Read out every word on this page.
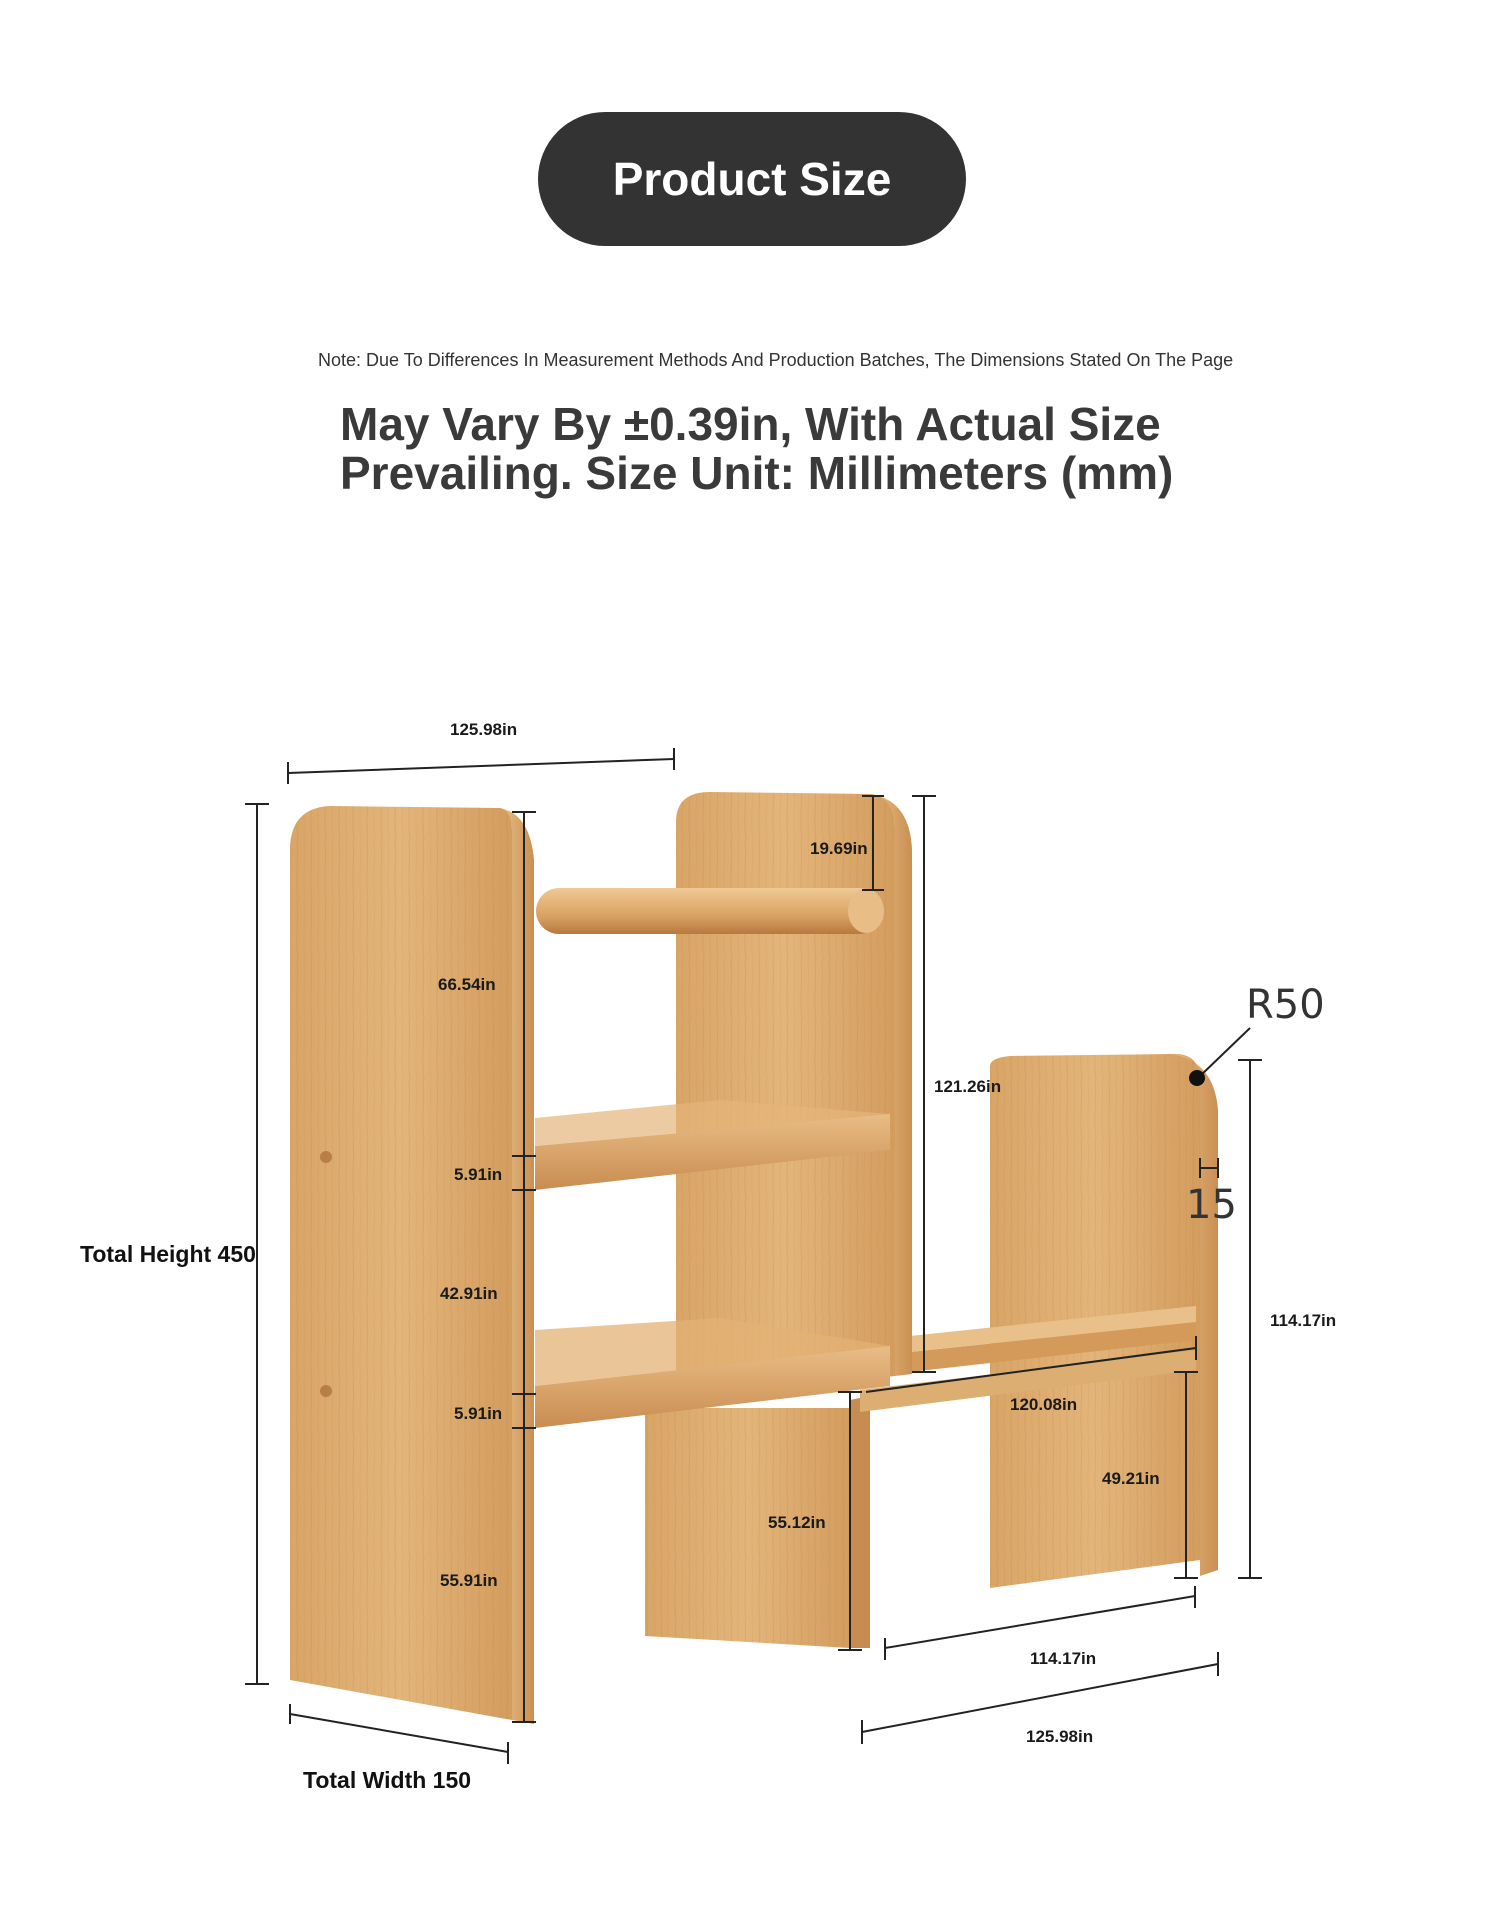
Product Size
Note: Due To Differences In Measurement Methods And Production Batches, The Dimensions Stated On The Page
May Vary By ±0.39in, With Actual Size
Prevailing. Size Unit: Millimeters (mm)
125.98in
19.69in
66.54in
5.91in
42.91in
5.91in
55.91in
121.26in
55.12in
120.08in
49.21in
114.17in
114.17in
125.98in
Total Height 450
Total Width 150
R50
15
